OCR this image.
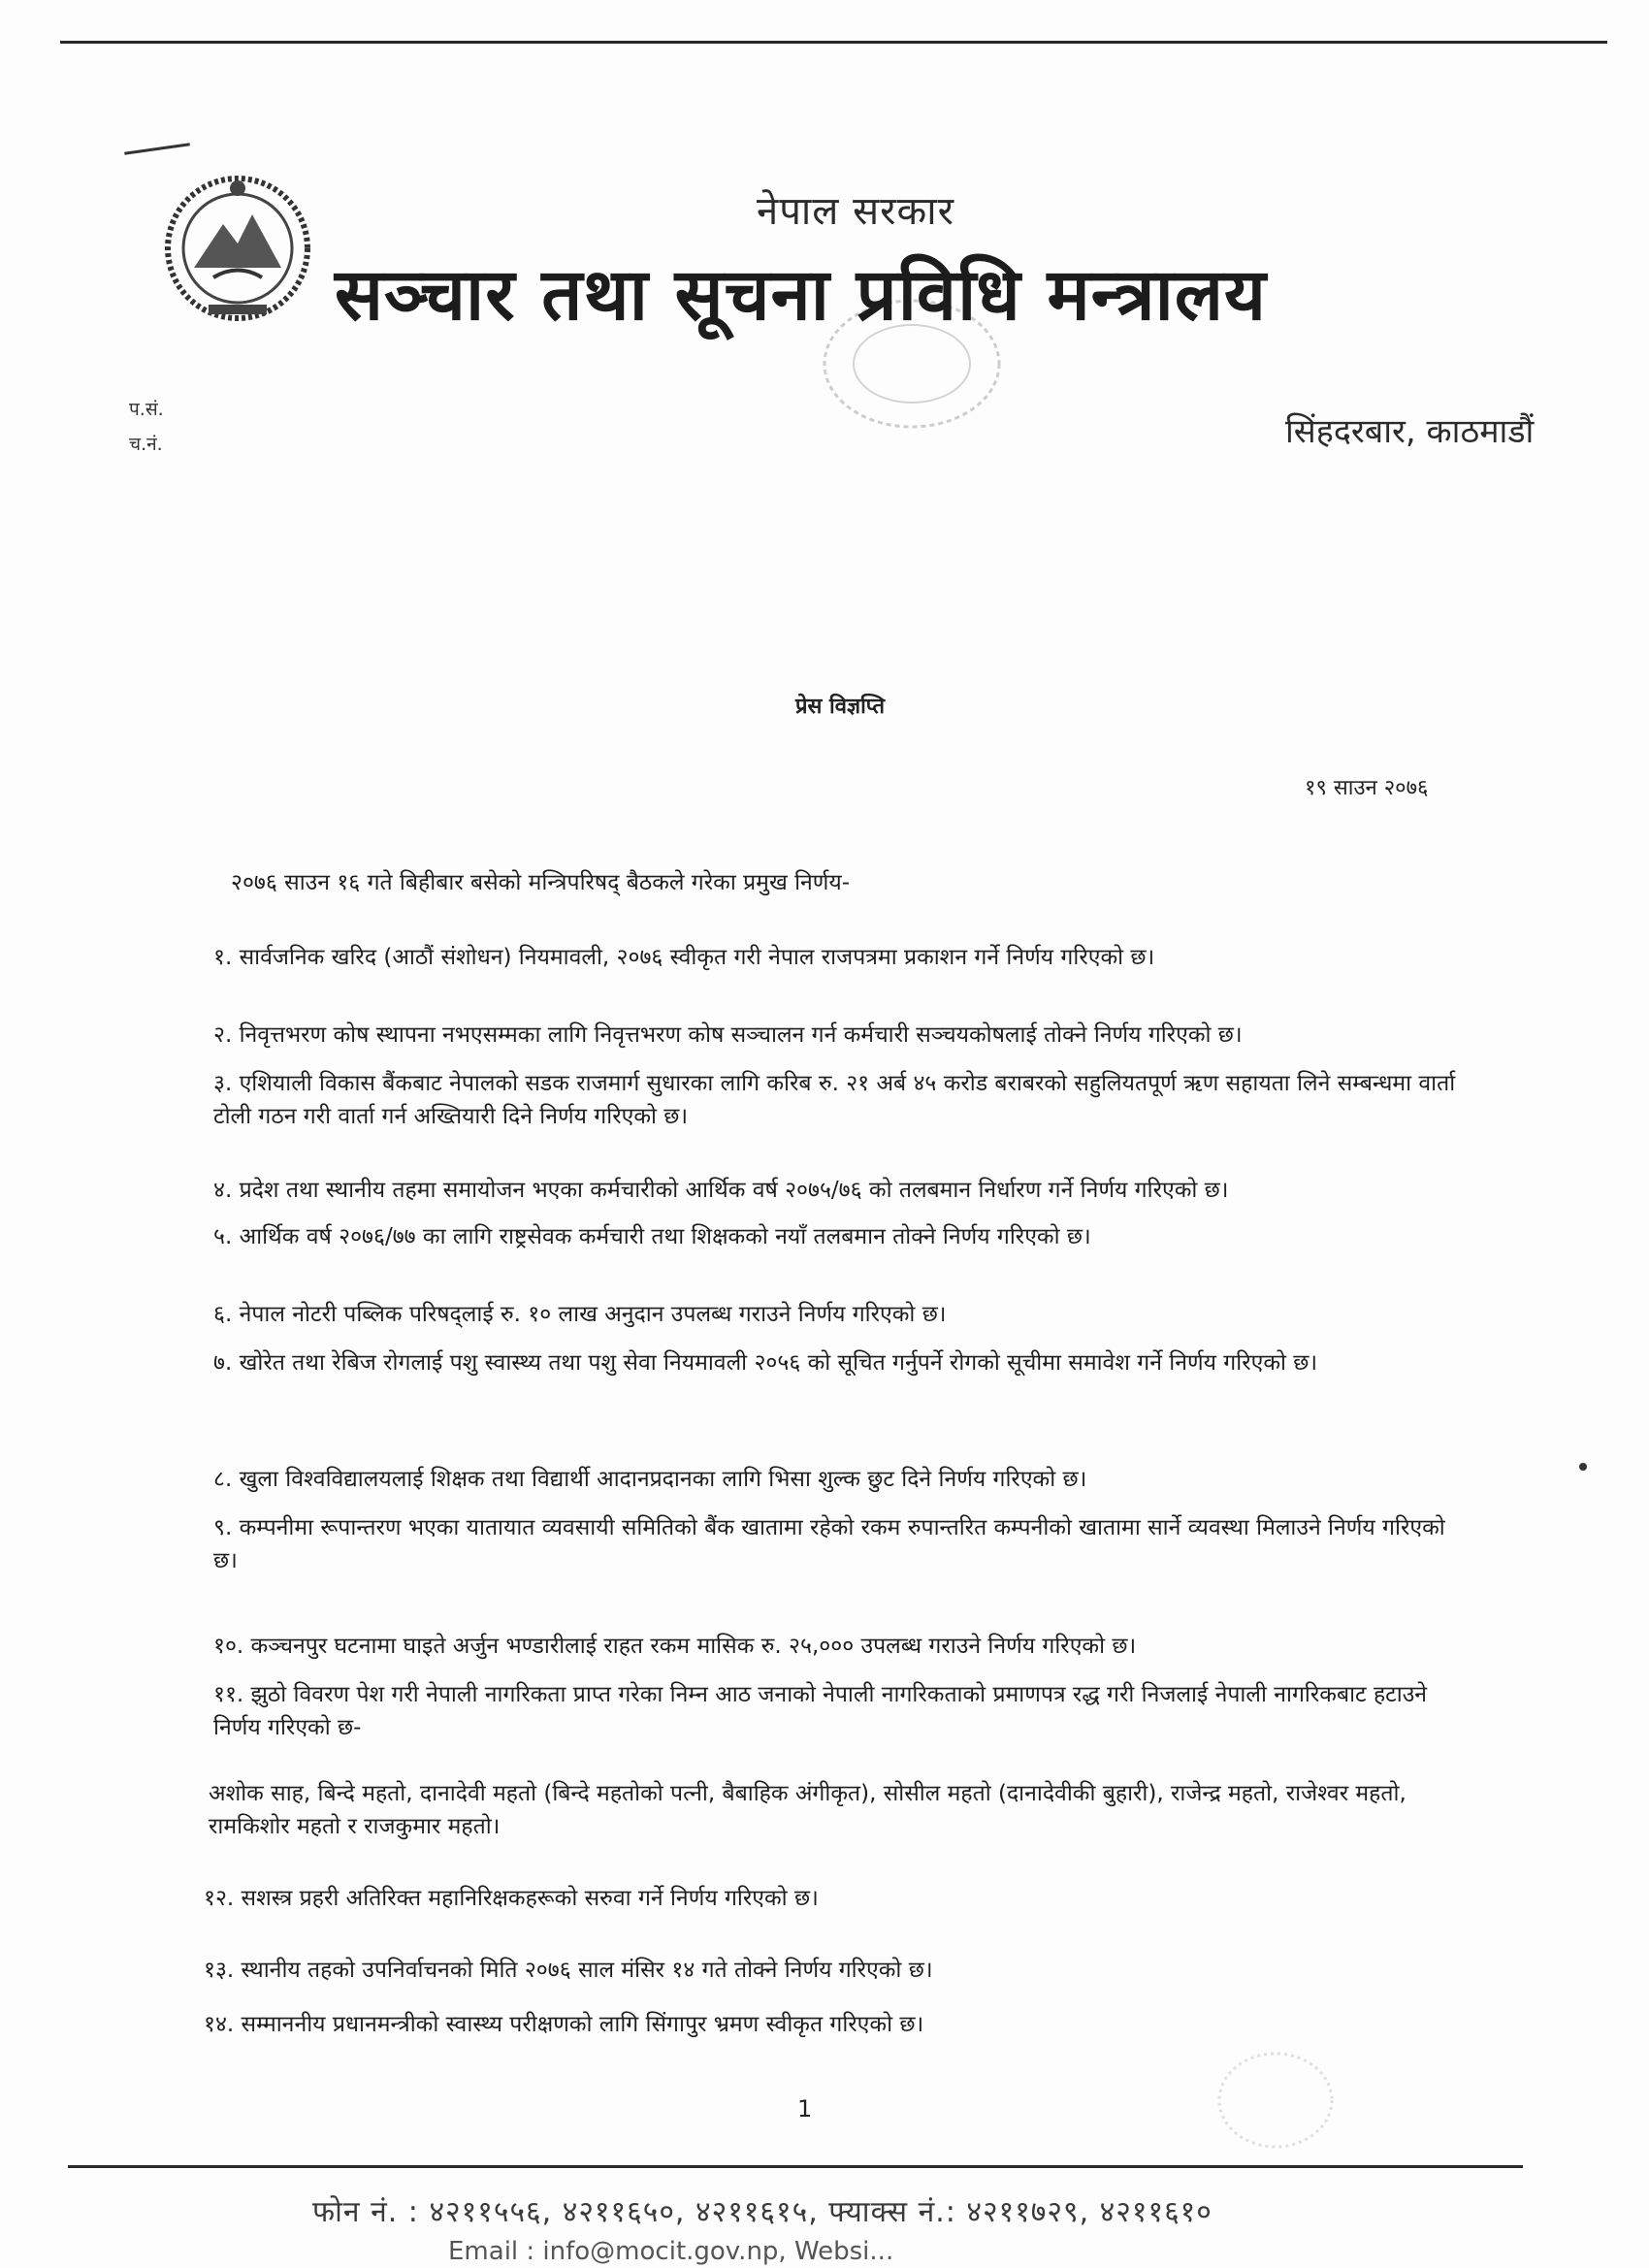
नेपाल सरकार
सञ्चार तथा सूचना प्रविधि मन्त्रालय
प.सं.
च.नं.	सिंहदरबार, काठमाडौं
प्रेस विज्ञप्ति
१९ साउन २०७६
२०७६ साउन १६ गते बिहीबार बसेको मन्त्रिपरिषद् बैठकले गरेका प्रमुख निर्णय-
१. सार्वजनिक खरिद (आठौं संशोधन) नियमावली, २०७६ स्वीकृत गरी नेपाल राजपत्रमा प्रकाशन गर्ने निर्णय गरिएको छ।
२. निवृत्तभरण कोष स्थापना नभएसम्मका लागि निवृत्तभरण कोष सञ्चालन गर्न कर्मचारी सञ्चयकोषलाई तोक्ने निर्णय गरिएको छ।
३. एशियाली विकास बैंकबाट नेपालको सडक राजमार्ग सुधारका लागि करिब रु. २१ अर्ब ४५ करोड बराबरको सहुलियतपूर्ण ऋण सहायता लिने सम्बन्धमा वार्ता टोली गठन गरी वार्ता गर्न अख्तियारी दिने निर्णय गरिएको छ।
४. प्रदेश तथा स्थानीय तहमा समायोजन भएका कर्मचारीको आर्थिक वर्ष २०७५/७६ को तलबमान निर्धारण गर्ने निर्णय गरिएको छ।
५. आर्थिक वर्ष २०७६/७७ का लागि राष्ट्रसेवक कर्मचारी तथा शिक्षकको नयाँ तलबमान तोक्ने निर्णय गरिएको छ।
६. नेपाल नोटरी पब्लिक परिषद्लाई रु. १० लाख अनुदान उपलब्ध गराउने निर्णय गरिएको छ।
७. खोरेत तथा रेबिज रोगलाई पशु स्वास्थ्य तथा पशु सेवा नियमावली २०५६ को सूचित गर्नुपर्ने रोगको सूचीमा समावेश गर्ने निर्णय गरिएको छ।
८. खुला विश्वविद्यालयलाई शिक्षक तथा विद्यार्थी आदानप्रदानका लागि भिसा शुल्क छुट दिने निर्णय गरिएको छ।
९. कम्पनीमा रूपान्तरण भएका यातायात व्यवसायी समितिको बैंक खातामा रहेको रकम रुपान्तरित कम्पनीको खातामा सार्ने व्यवस्था मिलाउने निर्णय गरिएको छ।
१०. कञ्चनपुर घटनामा घाइते अर्जुन भण्डारीलाई राहत रकम मासिक रु. २५,००० उपलब्ध गराउने निर्णय गरिएको छ।
११. झुठो विवरण पेश गरी नेपाली नागरिकता प्राप्त गरेका निम्न आठ जनाको नेपाली नागरिकताको प्रमाणपत्र रद्ध गरी निजलाई नेपाली नागरिकबाट हटाउने निर्णय गरिएको छ-
अशोक साह, बिन्दे महतो, दानादेवी महतो (बिन्दे महतोको पत्नी, बैबाहिक अंगीकृत), सोसील महतो (दानादेवीकी बुहारी), राजेन्द्र महतो, राजेश्वर महतो, रामकिशोर महतो र राजकुमार महतो।
१२. सशस्त्र प्रहरी अतिरिक्त महानिरिक्षकहरूको सरुवा गर्ने निर्णय गरिएको छ।
१३. स्थानीय तहको उपनिर्वाचनको मिति २०७६ साल मंसिर १४ गते तोक्ने निर्णय गरिएको छ।
१४. सम्माननीय प्रधानमन्त्रीको स्वास्थ्य परीक्षणको लागि सिंगापुर भ्रमण स्वीकृत गरिएको छ।
1
फोन नं. : ४२११५५६, ४२११६५०, ४२११६१५, फ्याक्स नं.: ४२११७२९, ४२११६१०
Email : info@mocit.gov.np, Websi...
